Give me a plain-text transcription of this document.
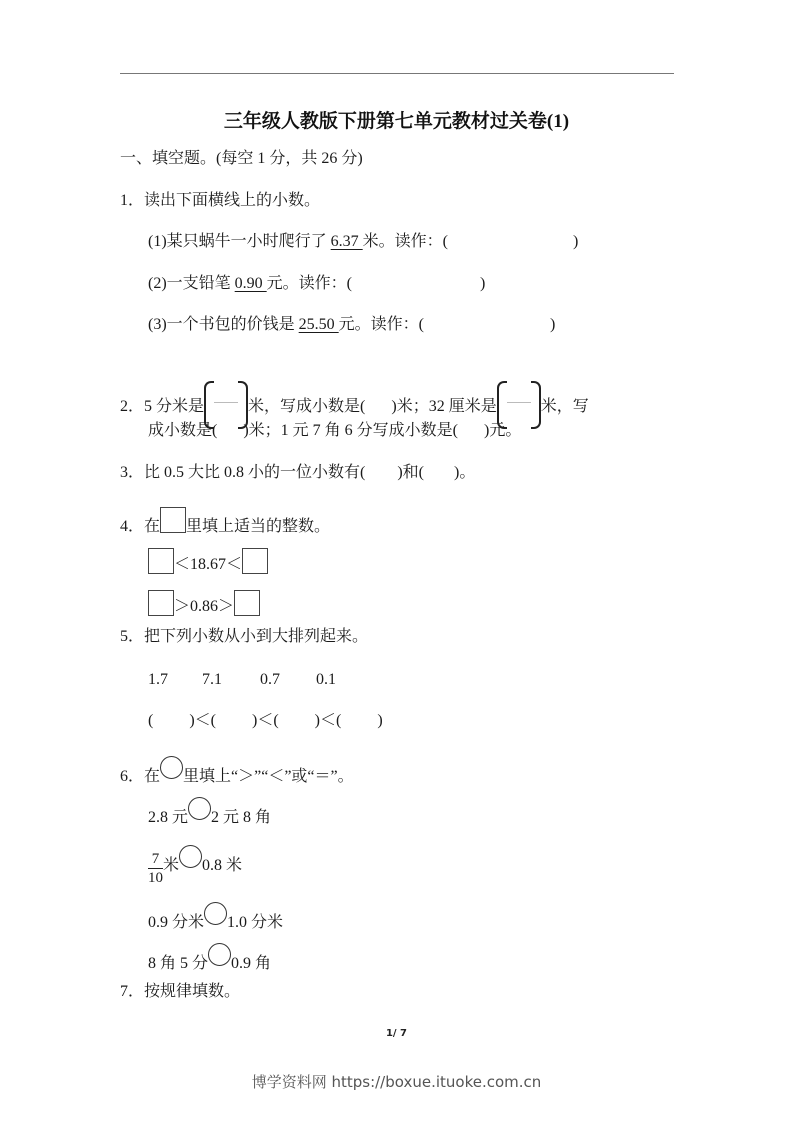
三年级人教版下册第七单元教材过关卷(1)
一、填空题。(每空 1 分，共 26 分)
1．读出下面横线上的小数。
(1)某只蜗牛一小时爬行了 6.37 米。读作：(	)
(2)一支铅笔 0.90 元。读作：(	)
(3)一个书包的价钱是 25.50 元。读作：(	)
2．5 分米是	米，写成小数是( )米；32 厘米是	米，写
成小数是( )米；1 元 7 角 6 分写成小数是( )元。
3．比 0.5 大比 0.8 小的一位小数有( )和( )。
4．在 里填上适当的整数。
＜18.67＜
＞0.86＞
5．把下列小数从小到大排列起来。
1.7 7.1 0.7 0.1
( )＜( )＜( )＜( )
6．在 里填上“＞”“＜”或“＝”。
2.8 元 2 元 8 角
$\frac{7}{10}$ 米 0.8 米
0.9 分米 1.0 分米
8 角 5 分 0.9 角
7．按规律填数。
1/ 7
博学资料网 https://boxue.ituoke.com.cn
